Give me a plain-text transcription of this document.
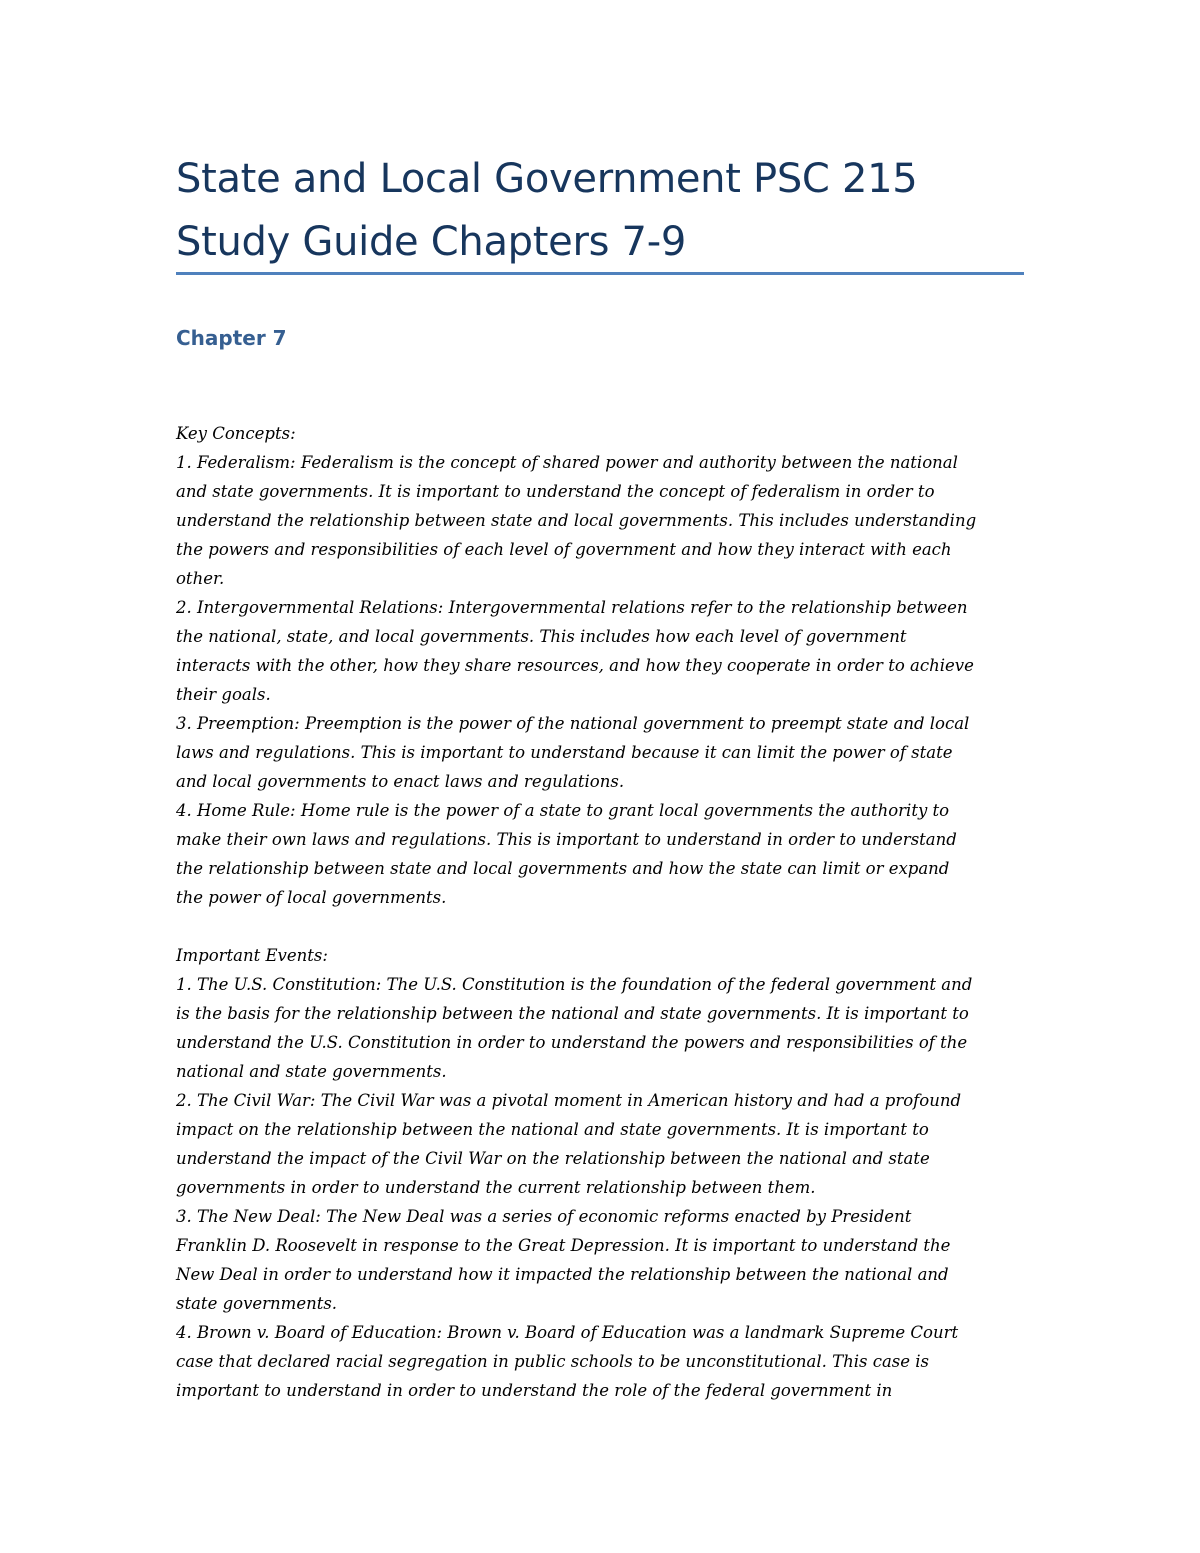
State and Local Government PSC 215
Study Guide Chapters 7-9
Chapter 7
Key Concepts:
1. Federalism: Federalism is the concept of shared power and authority between the national
and state governments. It is important to understand the concept of federalism in order to
understand the relationship between state and local governments. This includes understanding
the powers and responsibilities of each level of government and how they interact with each
other.
2. Intergovernmental Relations: Intergovernmental relations refer to the relationship between
the national, state, and local governments. This includes how each level of government
interacts with the other, how they share resources, and how they cooperate in order to achieve
their goals.
3. Preemption: Preemption is the power of the national government to preempt state and local
laws and regulations. This is important to understand because it can limit the power of state
and local governments to enact laws and regulations.
4. Home Rule: Home rule is the power of a state to grant local governments the authority to
make their own laws and regulations. This is important to understand in order to understand
the relationship between state and local governments and how the state can limit or expand
the power of local governments.
Important Events:
1. The U.S. Constitution: The U.S. Constitution is the foundation of the federal government and
is the basis for the relationship between the national and state governments. It is important to
understand the U.S. Constitution in order to understand the powers and responsibilities of the
national and state governments.
2. The Civil War: The Civil War was a pivotal moment in American history and had a profound
impact on the relationship between the national and state governments. It is important to
understand the impact of the Civil War on the relationship between the national and state
governments in order to understand the current relationship between them.
3. The New Deal: The New Deal was a series of economic reforms enacted by President
Franklin D. Roosevelt in response to the Great Depression. It is important to understand the
New Deal in order to understand how it impacted the relationship between the national and
state governments.
4. Brown v. Board of Education: Brown v. Board of Education was a landmark Supreme Court
case that declared racial segregation in public schools to be unconstitutional. This case is
important to understand in order to understand the role of the federal government in
